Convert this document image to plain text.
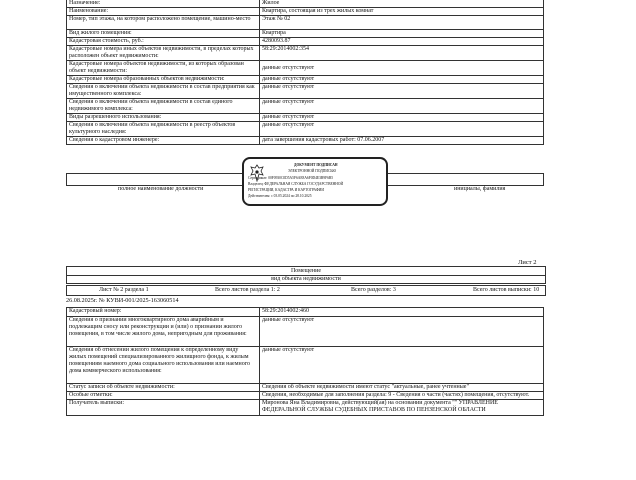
Назначение:	Жилое
Наименование:	Квартира, состоящая из трех жилых комнат
Номер, тип этажа, на котором расположено помещение, машино-место	Этаж № 02
Вид жилого помещения:	Квартира
Кадастровая стоимость, руб.:	4280093.87
Кадастровые номера иных объектов недвижимости, в пределах которых расположен объект недвижимости:	58:29:2014002:354
Кадастровые номера объектов недвижимости, из которых образован объект недвижимости:	данные отсутствуют
Кадастровые номера образованных объектов недвижимости:	данные отсутствуют
Сведения о включении объекта недвижимости в состав предприятия как имущественного комплекса:	данные отсутствуют
Сведения о включении объекта недвижимости в состав единого недвижимого комплекса:	данные отсутствуют
Виды разрешенного использования:	данные отсутствуют
Сведения о включении объекта недвижимости в реестр объектов культурного наследия:	данные отсутствуют
Сведения о кадастровом инженере:	дата завершения кадастровых работ: 07.06.2007
полное наименование должности	инициалы, фамилия
ДОКУМЕНТ ПОДПИСАН
ЭЛЕКТРОННОЙ ПОДПИСЬЮ
Сертификат: 00F0930C0D5A5F6AE8A6F0D4E3B9F6B5
Владелец: ФЕДЕРАЛЬНАЯ СЛУЖБА ГОСУДАРСТВЕННОЙ
РЕГИСТРАЦИИ, КАДАСТРА И КАРТОГРАФИИ
Действителен: с 03.05.2024 по 28.10.2025
Лист 2
Помещение
вид объекта недвижимости
Лист № 2 раздела 1	Всего листов раздела 1: 2	Всего разделов: 3	Всего листов выписки: 10
26.08.2025г. № КУВИ-001/2025-163060514
Кадастровый номер:	58:29:2014002:460
Сведения о признании многоквартирного дома аварийным и подлежащим сносу или реконструкции и (или) о признании жилого помещения, в том числе жилого дома, непригодным для проживания:	данные отсутствуют
Сведения об отнесении жилого помещения к определенному виду жилых помещений специализированного жилищного фонда, к жилым помещениям наемного дома социального использования или наемного дома коммерческого использования:	данные отсутствуют
Статус записи об объекте недвижимости:	Сведения об объекте недвижимости имеют статус "актуальные, ранее учтенные"
Особые отметки:	Сведения, необходимые для заполнения раздела: 9 - Сведения о части (частях) помещения, отсутствуют.
Получатель выписки:	Миронова Яна Владимировна, действующий(ая) на основании документа "" УПРАВЛЕНИЕ ФЕДЕРАЛЬНОЙ СЛУЖБЫ СУДЕБНЫХ ПРИСТАВОВ ПО ПЕНЗЕНСКОЙ ОБЛАСТИ
